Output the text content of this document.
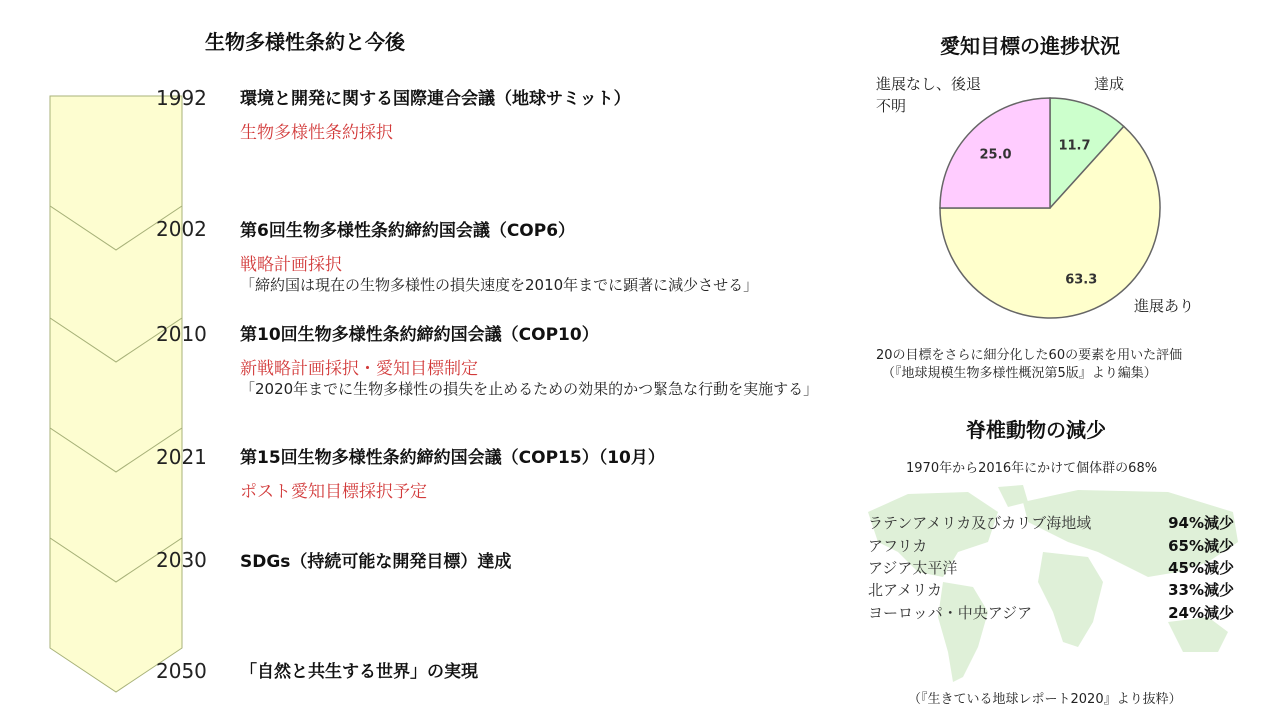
生物多様性条約と今後
1992 環境と開発に関する国際連合会議（地球サミット）
生物多様性条約採択
2002 第6回生物多様性条約締約国会議（COP6）
戦略計画採択
「締約国は現在の生物多様性の損失速度を2010年までに顕著に減少させる」
2010 第10回生物多様性条約締約国会議（COP10）
新戦略計画採択・愛知目標制定
「2020年までに生物多様性の損失を止めるための効果的かつ緊急な行動を実施する」
2021 第15回生物多様性条約締約国会議（COP15）（10月）
ポスト愛知目標採択予定
2030 SDGs（持続可能な開発目標）達成
2050 「自然と共生する世界」の実現
愛知目標の進捗状況
11.7
63.3
25.0
進展なし、後退
不明
達成
進展あり
20の目標をさらに細分化した60の要素を用いた評価
（『地球規模生物多様性概況第5版』より編集）
脊椎動物の減少
1970年から2016年にかけて個体群の68%
ラテンアメリカ及びカリブ海地域	94%減少
アフリカ	65%減少
アジア太平洋	45%減少
北アメリカ	33%減少
ヨーロッパ・中央アジア	24%減少
（『生きている地球レポート2020』より抜粋）
